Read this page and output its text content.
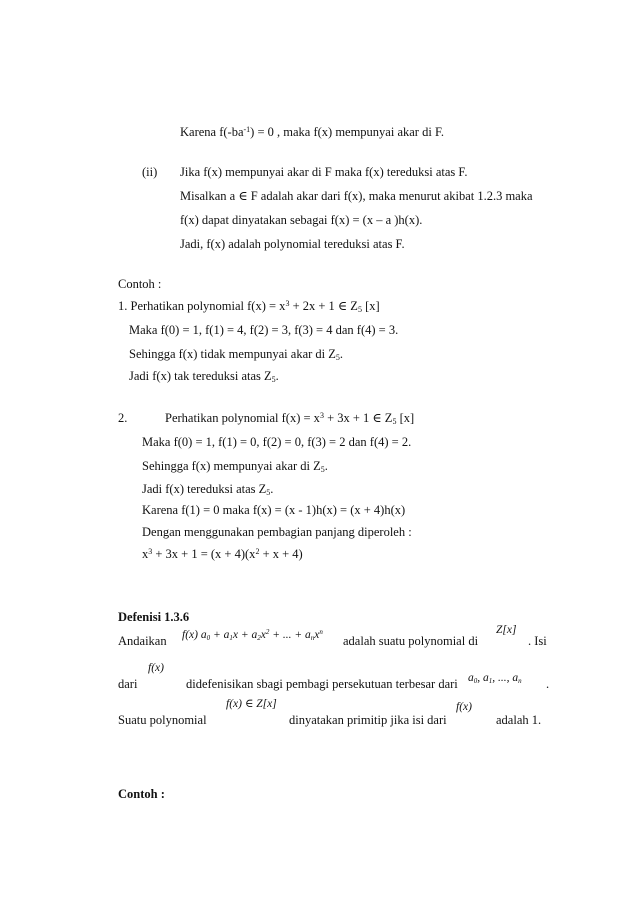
Karena $f(-ba^{-1}) = 0$ , maka f(x) mempunyai akar di F.
(ii) Jika f(x) mempunyai akar di F maka f(x) tereduksi atas F.
Misalkan a ∈ F adalah akar dari f(x), maka menurut akibat 1.2.3 maka
f(x) dapat dinyatakan sebagai f(x) = (x – a )h(x).
Jadi, f(x) adalah polynomial tereduksi atas F.
Contoh :
1. Perhatikan polynomial $f(x) = x^3 + 2x + 1$ ∈ $Z_5$ [x]
Maka f(0) = 1, f(1) = 4, f(2) = 3, f(3) = 4 dan f(4) = 3.
Sehingga f(x) tidak mempunyai akar di $Z_5$.
Jadi f(x) tak tereduksi atas $Z_5$.
2.	Perhatikan polynomial $f(x) = x^3 + 3x + 1$ ∈ $Z_5$ [x]
Maka f(0) = 1, f(1) = 0, f(2) = 0, f(3) = 2 dan f(4) = 2.
Sehingga f(x) mempunyai akar di $Z_5$.
Jadi f(x) tereduksi atas $Z_5$.
Karena f(1) = 0 maka f(x) = (x - 1)h(x) = (x + 4)h(x)
Dengan menggunakan pembagian panjang diperoleh :
$x^3 + 3x + 1 = (x + 4)(x^2 + x + 4)$
Defenisi 1.3.6
Andaikan f(x) $a_0 + a_1x + a_2x^2$ + ... + $a_nx^n$
adalah suatu polynomial di
Z[x]
. Isi
dari
f(x)
didefenisikan sbagi pembagi persekutuan terbesar dari $a_0$, $a_1$, ..., $a_n$ .
Suatu polynomial
f(x) ∈ Z[x]
dinyatakan primitip jika isi dari
f(x)
adalah 1.
Contoh :
